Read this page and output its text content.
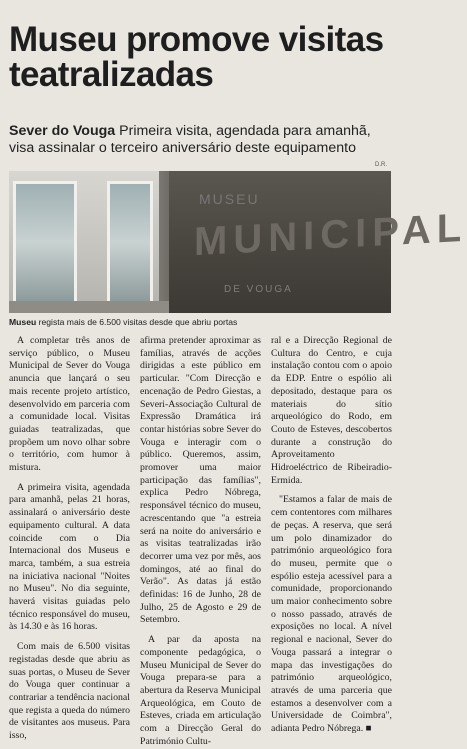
Museu promove visitas teatralizadas
Sever do Vouga Primeira visita, agendada para amanhã, visa assinalar o terceiro aniversário deste equipamento
D.R.
MUSEU
MUNICIPAL
DE VOUGA
Museu regista mais de 6.500 visitas desde que abriu portas

A completar três anos de serviço público, o Museu Municipal de Sever do Vouga anuncia que lançará o seu mais recente projeto artístico, desenvolvido em parceria com a comunidade local. Visitas guiadas teatralizadas, que propõem um novo olhar sobre o território, com humor à mistura.

A primeira visita, agendada para amanhã, pelas 21 horas, assinalará o aniversário deste equipamento cultural. A data coincide com o Dia Internacional dos Museus e marca, também, a sua estreia na iniciativa nacional "Noites no Museu". No dia seguinte, haverá visitas guiadas pelo técnico responsável do museu, às 14.30 e às 16 horas.

Com mais de 6.500 visitas registadas desde que abriu as suas portas, o Museu de Sever do Vouga quer continuar a contrariar a tendência nacional que regista a queda do número de visitantes aos museus. Para isso,

afirma pretender aproximar as famílias, através de acções dirigidas a este público em particular. "Com Direcção e encenação de Pedro Giestas, a Severi-Associação Cultural de Expressão Dramática irá contar histórias sobre Sever do Vouga e interagir com o público. Queremos, assim, promover uma maior participação das famílias", explica Pedro Nóbrega, responsável técnico do museu, acrescentando que "a estreia será na noite do aniversário e as visitas teatralizadas irão decorrer uma vez por mês, aos domingos, até ao final do Verão". As datas já estão definidas: 16 de Junho, 28 de Julho, 25 de Agosto e 29 de Setembro.

A par da aposta na componente pedagógica, o Museu Municipal de Sever do Vouga prepara-se para a abertura da Reserva Municipal Arqueológica, em Couto de Esteves, criada em articulação com a Direcção Geral do Património Cultu-

ral e a Direcção Regional de Cultura do Centro, e cuja instalação contou com o apoio da EDP. Entre o espólio ali depositado, destaque para os materiais do sítio arqueológico do Rodo, em Couto de Esteves, descobertos durante a construção do Aproveitamento Hidroeléctrico de Ribeiradio-Ermida.

"Estamos a falar de mais de cem contentores com milhares de peças. A reserva, que será um polo dinamizador do património arqueológico fora do museu, permite que o espólio esteja acessível para a comunidade, proporcionando um maior conhecimento sobre o nosso passado, através de exposições no local. A nível regional e nacional, Sever do Vouga passará a integrar o mapa das investigações do património arqueológico, através de uma parceria que estamos a desenvolver com a Universidade de Coimbra", adianta Pedro Nóbrega. ■
